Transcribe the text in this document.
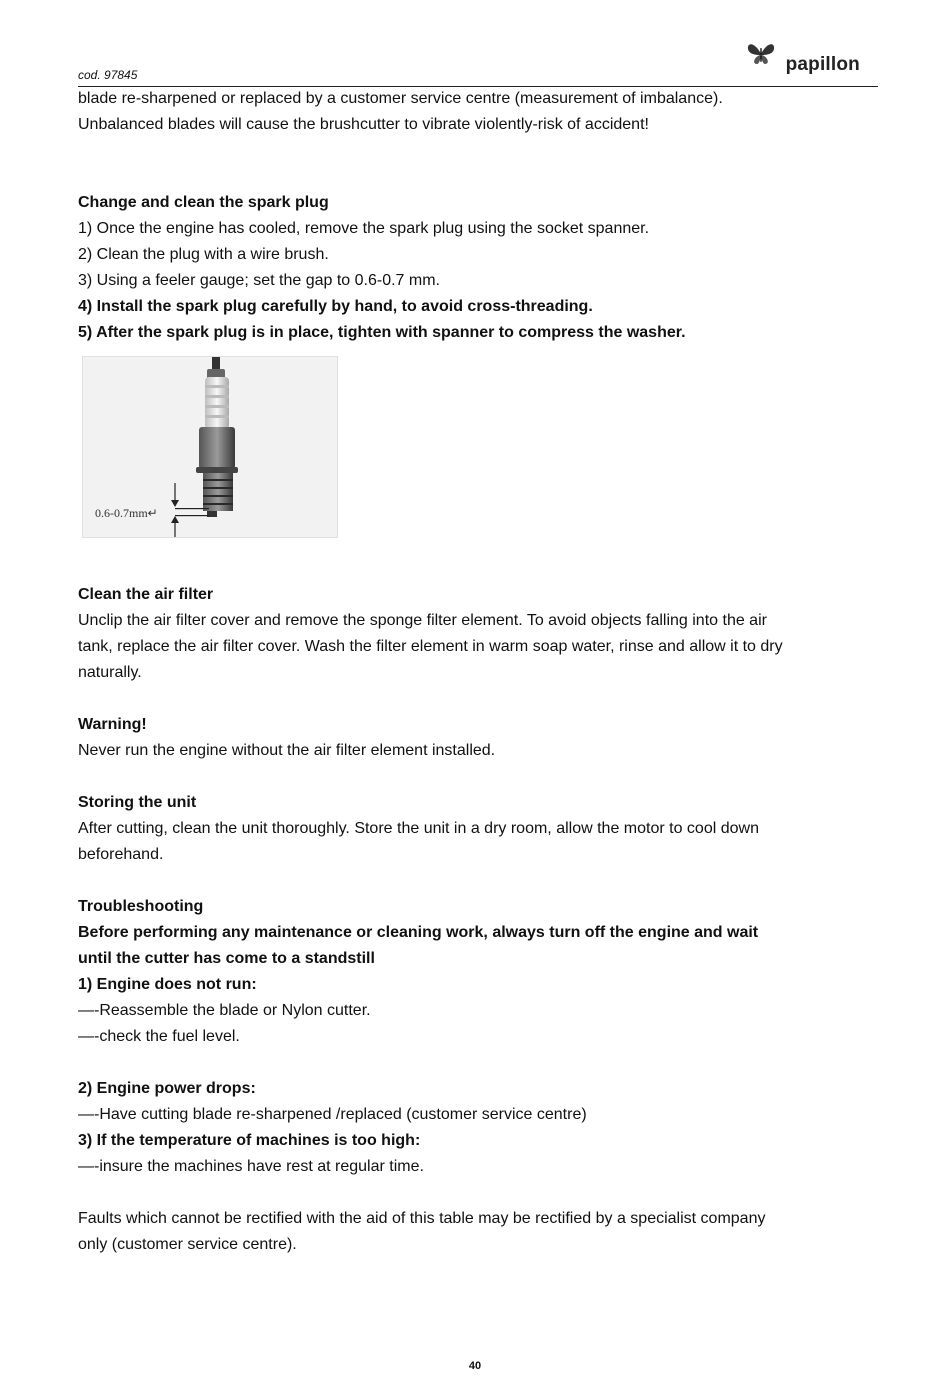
cod. 97845	papillon

blade re-sharpened or replaced by a customer service centre (measurement of imbalance).

Unbalanced blades will cause the brushcutter to vibrate violently-risk of accident!

Change and clean the spark plug

1) Once the engine has cooled, remove the spark plug using the socket spanner.

2) Clean the plug with a wire brush.

3) Using a feeler gauge; set the gap to 0.6-0.7 mm.

4) Install the spark plug carefully by hand, to avoid cross-threading.

5) After the spark plug is in place, tighten with spanner to compress the washer.

Clean the air filter

Unclip the air filter cover and remove the sponge filter element. To avoid objects falling into the air

tank, replace the air filter cover. Wash the filter element in warm soap water, rinse and allow it to dry

naturally.

Warning!

Never run the engine without the air filter element installed.

Storing the unit

After cutting, clean the unit thoroughly. Store the unit in a dry room, allow the motor to cool down

beforehand.

Troubleshooting

Before performing any maintenance or cleaning work, always turn off the engine and wait

until the cutter has come to a standstill

1) Engine does not run:

—-Reassemble the blade or Nylon cutter.

—-check the fuel level.

2) Engine power drops:

—-Have cutting blade re-sharpened /replaced (customer service centre)

3) If the temperature of machines is too high:

—-insure the machines have rest at regular time.

Faults which cannot be rectified with the aid of this table may be rectified by a specialist company

only (customer service centre).

0.6-0.7mm↵
40
